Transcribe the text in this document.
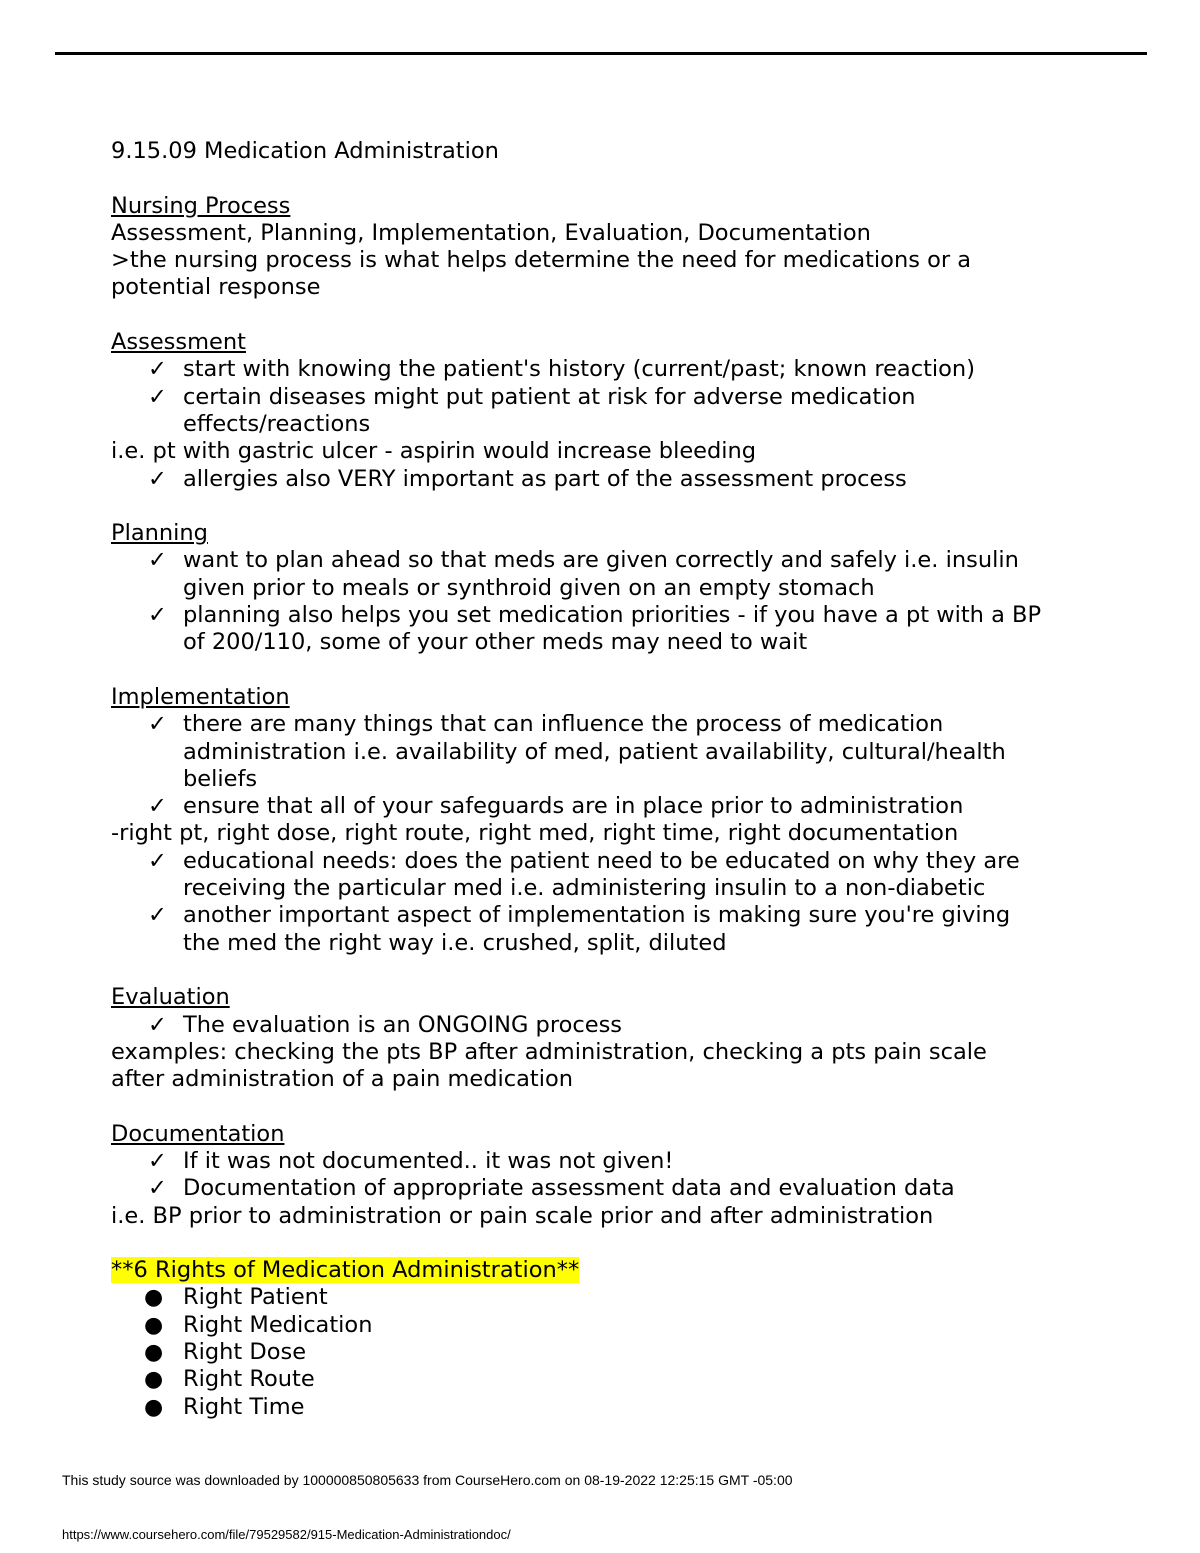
9.15.09 Medication Administration
Nursing Process
Assessment, Planning, Implementation, Evaluation, Documentation
>the nursing process is what helps determine the need for medications or a
potential response
Assessment
✓ start with knowing the patient's history (current/past; known reaction)
✓ certain diseases might put patient at risk for adverse medication
effects/reactions
i.e. pt with gastric ulcer - aspirin would increase bleeding
✓ allergies also VERY important as part of the assessment process
Planning
✓ want to plan ahead so that meds are given correctly and safely i.e. insulin
given prior to meals or synthroid given on an empty stomach
✓ planning also helps you set medication priorities - if you have a pt with a BP
of 200/110, some of your other meds may need to wait
Implementation
✓ there are many things that can influence the process of medication
administration i.e. availability of med, patient availability, cultural/health
beliefs
✓ ensure that all of your safeguards are in place prior to administration
-right pt, right dose, right route, right med, right time, right documentation
✓ educational needs: does the patient need to be educated on why they are
receiving the particular med i.e. administering insulin to a non-diabetic
✓ another important aspect of implementation is making sure you're giving
the med the right way i.e. crushed, split, diluted
Evaluation
✓ The evaluation is an ONGOING process
examples: checking the pts BP after administration, checking a pts pain scale
after administration of a pain medication
Documentation
✓ If it was not documented.. it was not given!
✓ Documentation of appropriate assessment data and evaluation data
i.e. BP prior to administration or pain scale prior and after administration
**6 Rights of Medication Administration**
● Right Patient
● Right Medication
● Right Dose
● Right Route
● Right Time
This study source was downloaded by 100000850805633 from CourseHero.com on 08-19-2022 12:25:15 GMT -05:00
https://www.coursehero.com/file/79529582/915-Medication-Administrationdoc/
